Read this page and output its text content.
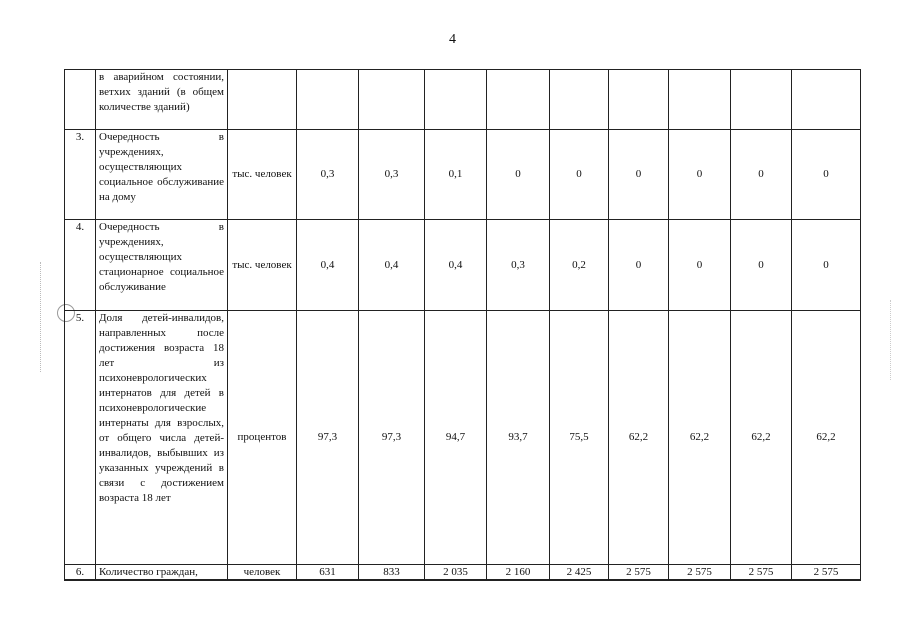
4
	в аварийном состоянии, ветхих зданий (в общем количестве зданий)										
3.	Очередность в учреждениях, осуществляющих социальное обслуживание на дому	тыс. человек	0,3	0,3	0,1	0	0	0	0	0	0
4.	Очередность в учреждениях, осуществляющих стационарное социальное обслуживание	тыс. человек	0,4	0,4	0,4	0,3	0,2	0	0	0	0
5.	Доля детей-инвалидов, направленных после достижения возраста 18 лет из психоневрологических интернатов для детей в психоневрологические интернаты для взрослых, от общего числа детей-инвалидов, выбывших из указанных учреждений в связи с достижением возраста 18 лет	процентов	97,3	97,3	94,7	93,7	75,5	62,2	62,2	62,2	62,2
6.	Количество граждан,	человек	631	833	2 035	2 160	2 425	2 575	2 575	2 575	2 575
